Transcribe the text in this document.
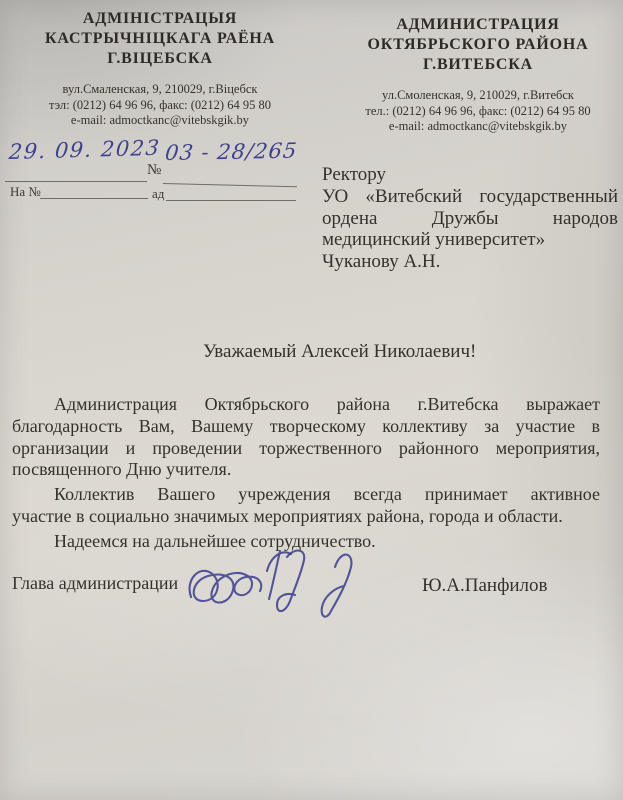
АДМІНІСТРАЦЫЯ
КАСТРЫЧНІЦКАГА РАЁНА
Г.ВІЦЕБСКА
вул.Смаленская, 9, 210029, г.Віцебск
тэл: (0212) 64 96 96, факс: (0212) 64 95 80
e-mail: admoctkanc@vitebskgik.by
АДМИНИСТРАЦИЯ
ОКТЯБРЬСКОГО РАЙОНА
Г.ВИТЕБСКА
ул.Смоленская, 9, 210029, г.Витебск
тел.: (0212) 64 96 96, факс: (0212) 64 95 80
e-mail: admoctkanc@vitebskgik.by
29. 09. 2023
№
03 - 28/265
На №	ад
Ректору
УО «Витебский государственный
ордена Дружбы народов
медицинский университет»
Чуканову А.Н.
Уважаемый Алексей Николаевич!
Администрация Октябрьского района г.Витебска выражает
благодарность Вам, Вашему творческому коллективу за участие в
организации и проведении торжественного районного мероприятия,
посвященного Дню учителя.
Коллектив Вашего учреждения всегда принимает активное
участие в социально значимых мероприятиях района, города и области.
Надеемся на дальнейшее сотрудничество.
Глава администрации	Ю.А.Панфилов
